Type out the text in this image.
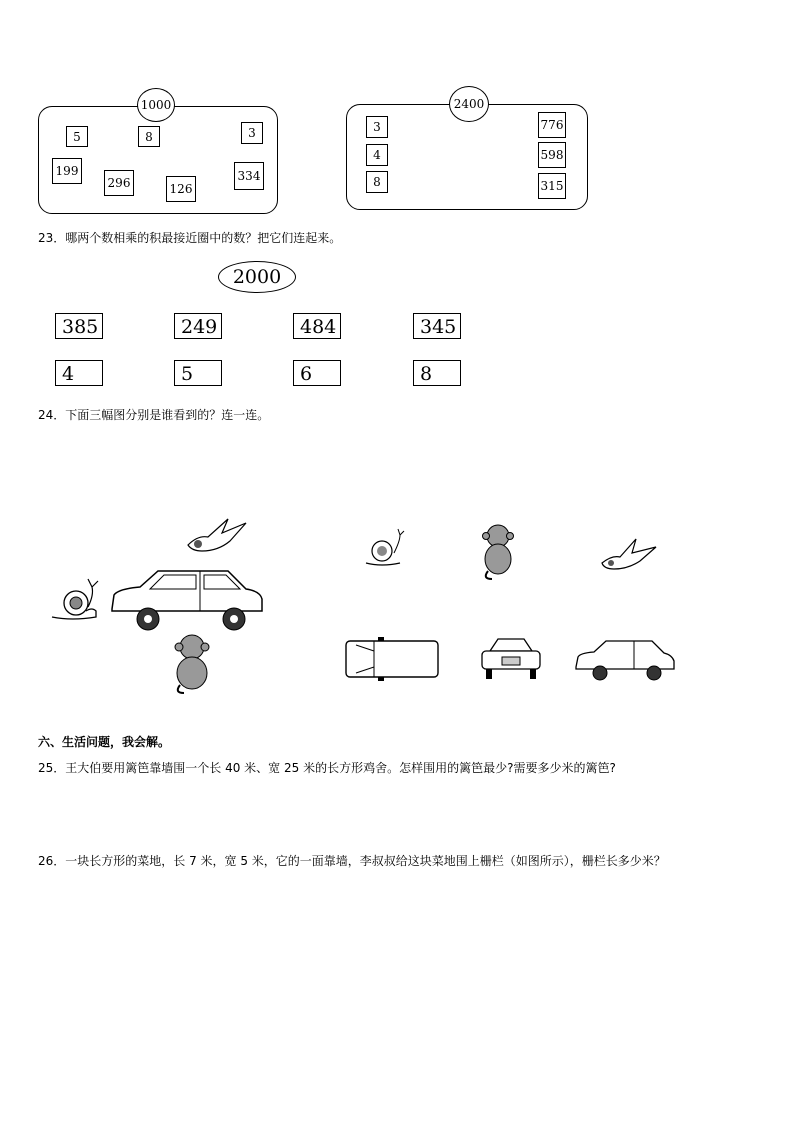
1000
5	8	3
199
296	126
334
2400
3
4
8
776
598
315
23．哪两个数相乘的积最接近圈中的数？把它们连起来。
2000
385	249	484	345
4	5	6	8
24．下面三幅图分别是谁看到的？连一连。
六、生活问题，我会解。
25．王大伯要用篱笆靠墙围一个长 40 米、宽 25 米的长方形鸡舍。怎样围用的篱笆最少?需要多少米的篱笆?
26．一块长方形的菜地，长 7 米，宽 5 米，它的一面靠墙，李叔叔给这块菜地围上栅栏（如图所示），栅栏长多少米？
